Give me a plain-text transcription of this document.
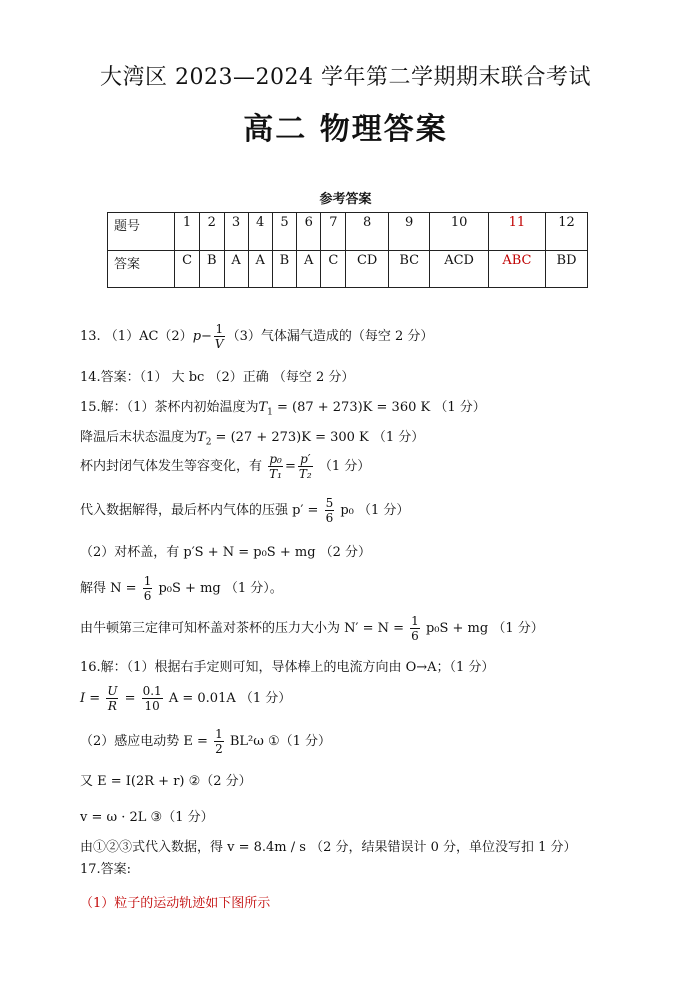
大湾区 2023—2024 学年第二学期期末联合考试
高二 物理答案
参考答案
题号	1	2	3	4	5	6	7	8	9	10	11	12
答案	C	B	A	A	B	A	C	CD	BC	ACD	ABC	BD
13. $(1)AC(2)p- \frac{1}{V} (3)$气体漏气造成的（每空 2 分）
14.答案：（1） 大 bc （2）正确 （每空 2 分）
15.解：（1）茶杯内初始温度为$T_1 = (87 + 273)K = 360$ K （1 分）
降温后末状态温度为$T_2 = (27 + 273)K = 300$ K （1 分）
杯内封闭气体发生等容变化，有 $\frac{\text{p₀}}{\text{T₁}} = \frac{p'}{\text{T₂}} (1$ 分）
代入数据解得，最后杯内气体的压强 $p' = \frac{5}{6} p_0$ （1 分）
（2）对杯盖，有 p′S + N = p₀S + mg （2 分）
解得 $N = \frac{1}{6} p_0S$ + mg （1 分）。
由牛顿第三定律可知杯盖对茶杯的压力大小为 $N' = N = \frac{1}{6} p_0S$ + mg （1 分）
16.解：（1）根据右手定则可知，导体棒上的电流方向由 O→A；（1 分）
$I = \frac{U}{R} = \frac{0.1}{10}$ A = 0.01A （1 分）
（2）感应电动势 $E = \frac{1}{2} BL^2\omega$ ①（1 分）
又 E = I(2R + r) ②（2 分）
v = ω · 2L ③（1 分）
由①②③式代入数据，得 v = 8.4m / s （2 分，结果错误计 0 分，单位没写扣 1 分）
17.答案:
（1）粒子的运动轨迹如下图所示
